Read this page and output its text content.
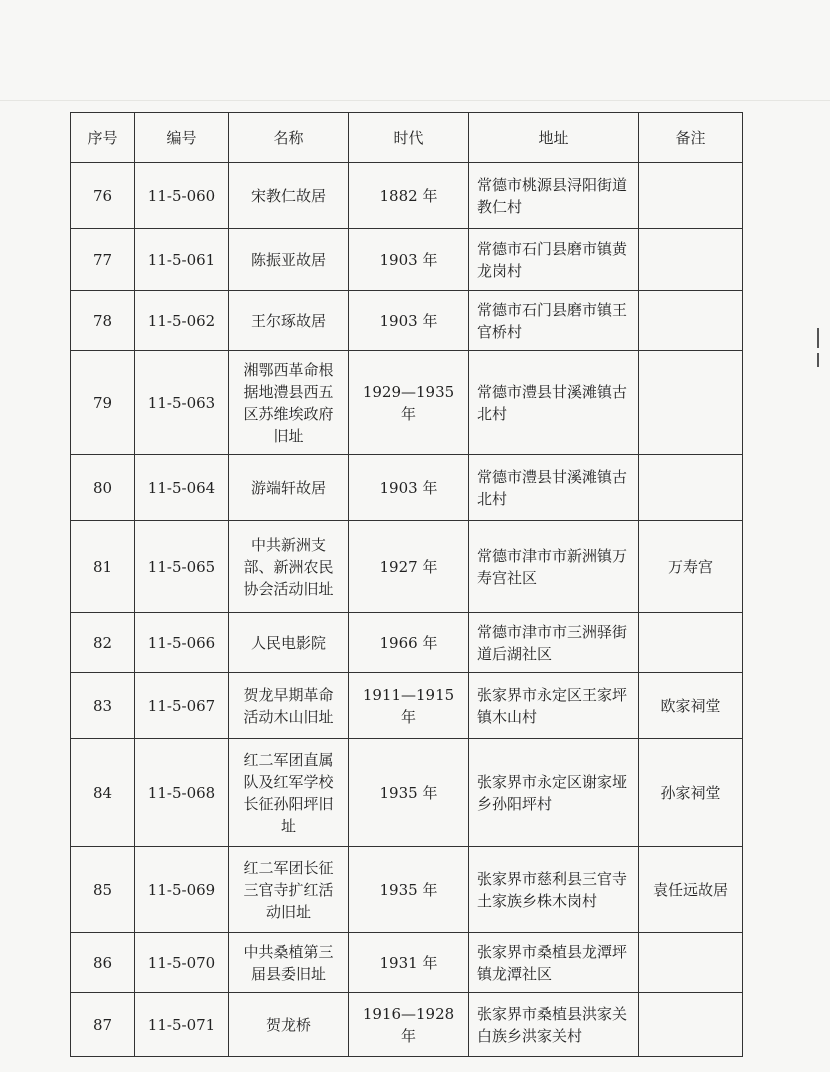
序号	编号	名称	时代	地址	备注
76	11-5-060	宋教仁故居	1882 年	常德市桃源县浔阳街道教仁村	
77	11-5-061	陈振亚故居	1903 年	常德市石门县磨市镇黄龙岗村	
78	11-5-062	王尔琢故居	1903 年	常德市石门县磨市镇王官桥村	
79	11-5-063	湘鄂西革命根据地澧县西五区苏维埃政府旧址	1929—1935 年	常德市澧县甘溪滩镇古北村	
80	11-5-064	游端轩故居	1903 年	常德市澧县甘溪滩镇古北村	
81	11-5-065	中共新洲支部、新洲农民协会活动旧址	1927 年	常德市津市市新洲镇万寿宫社区	万寿宫
82	11-5-066	人民电影院	1966 年	常德市津市市三洲驿街道后湖社区	
83	11-5-067	贺龙早期革命活动木山旧址	1911—1915 年	张家界市永定区王家坪镇木山村	欧家祠堂
84	11-5-068	红二军团直属队及红军学校长征孙阳坪旧址	1935 年	张家界市永定区谢家垭乡孙阳坪村	孙家祠堂
85	11-5-069	红二军团长征三官寺扩红活动旧址	1935 年	张家界市慈利县三官寺土家族乡株木岗村	袁任远故居
86	11-5-070	中共桑植第三届县委旧址	1931 年	张家界市桑植县龙潭坪镇龙潭社区	
87	11-5-071	贺龙桥	1916—1928 年	张家界市桑植县洪家关白族乡洪家关村	
